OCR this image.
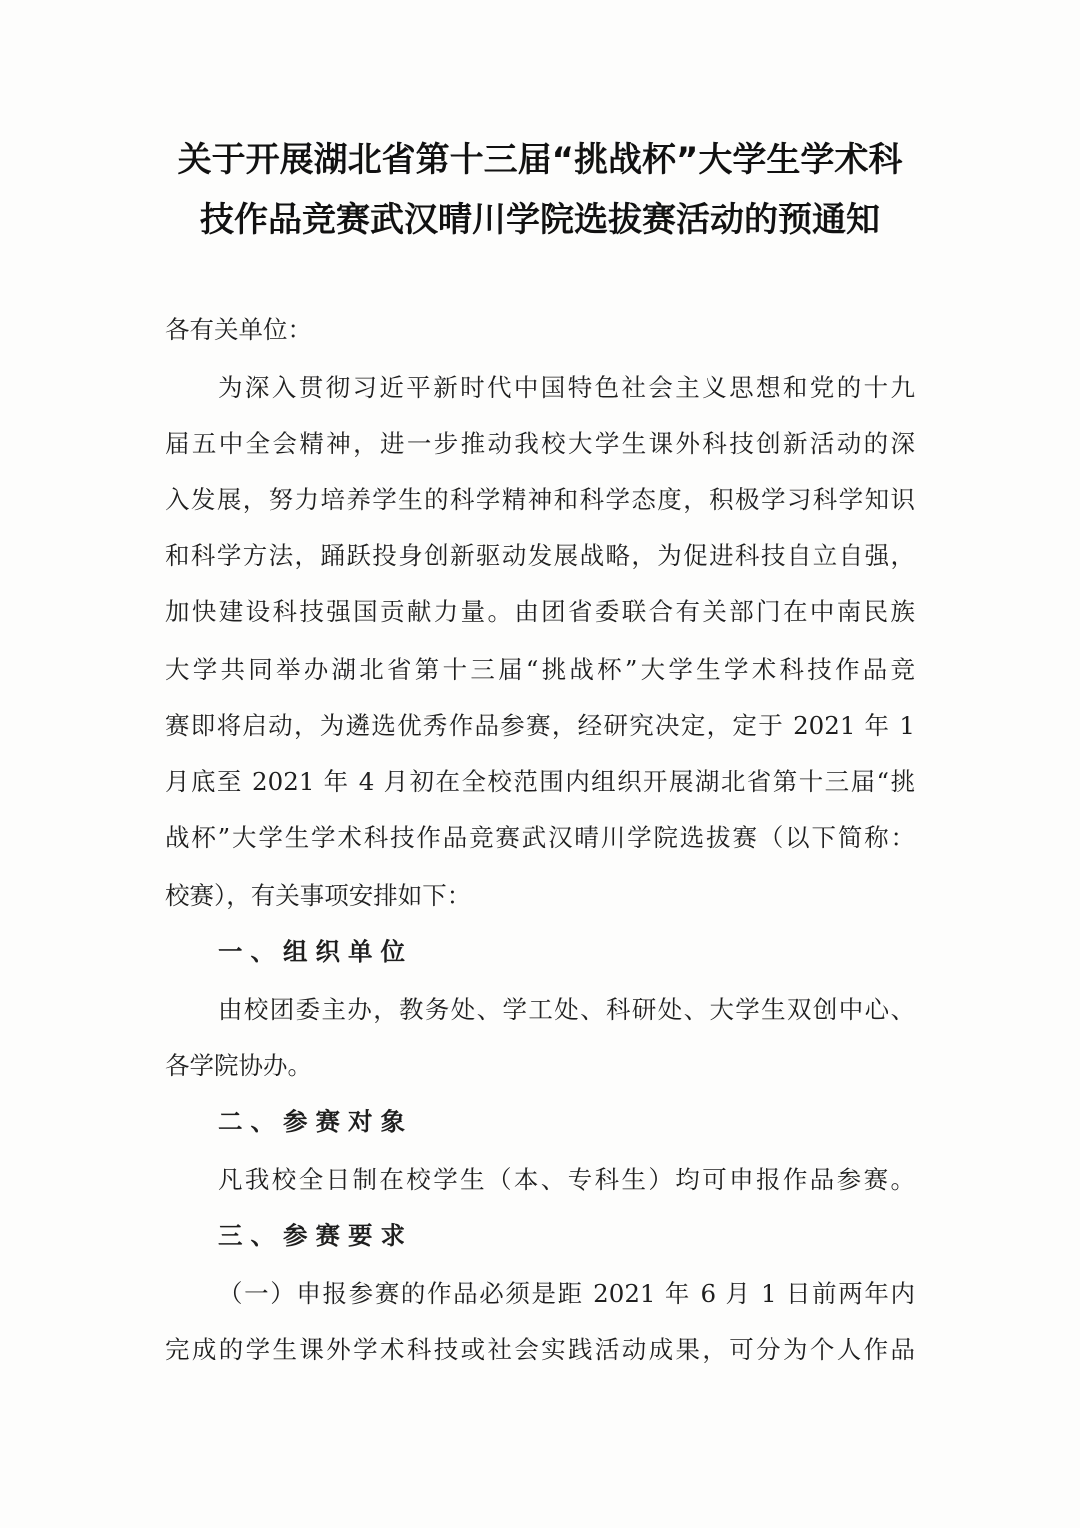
关于开展湖北省第十三届“挑战杯”大学生学术科
技作品竞赛武汉晴川学院选拔赛活动的预通知
各有关单位：
为深入贯彻习近平新时代中国特色社会主义思想和党的十九
届五中全会精神，进一步推动我校大学生课外科技创新活动的深
入发展，努力培养学生的科学精神和科学态度，积极学习科学知识
和科学方法，踊跃投身创新驱动发展战略，为促进科技自立自强，
加快建设科技强国贡献力量。由团省委联合有关部门在中南民族
大学共同举办湖北省第十三届“挑战杯”大学生学术科技作品竞
赛即将启动，为遴选优秀作品参赛，经研究决定，定于 2021 年 1
月底至 2021 年 4 月初在全校范围内组织开展湖北省第十三届“挑
战杯”大学生学术科技作品竞赛武汉晴川学院选拔赛（以下简称：
校赛），有关事项安排如下：
一、组织单位
由校团委主办，教务处、学工处、科研处、大学生双创中心、
各学院协办。
二、参赛对象
凡我校全日制在校学生（本、专科生）均可申报作品参赛。
三、参赛要求
（一）申报参赛的作品必须是距 2021 年 6 月 1 日前两年内
完成的学生课外学术科技或社会实践活动成果，可分为个人作品
